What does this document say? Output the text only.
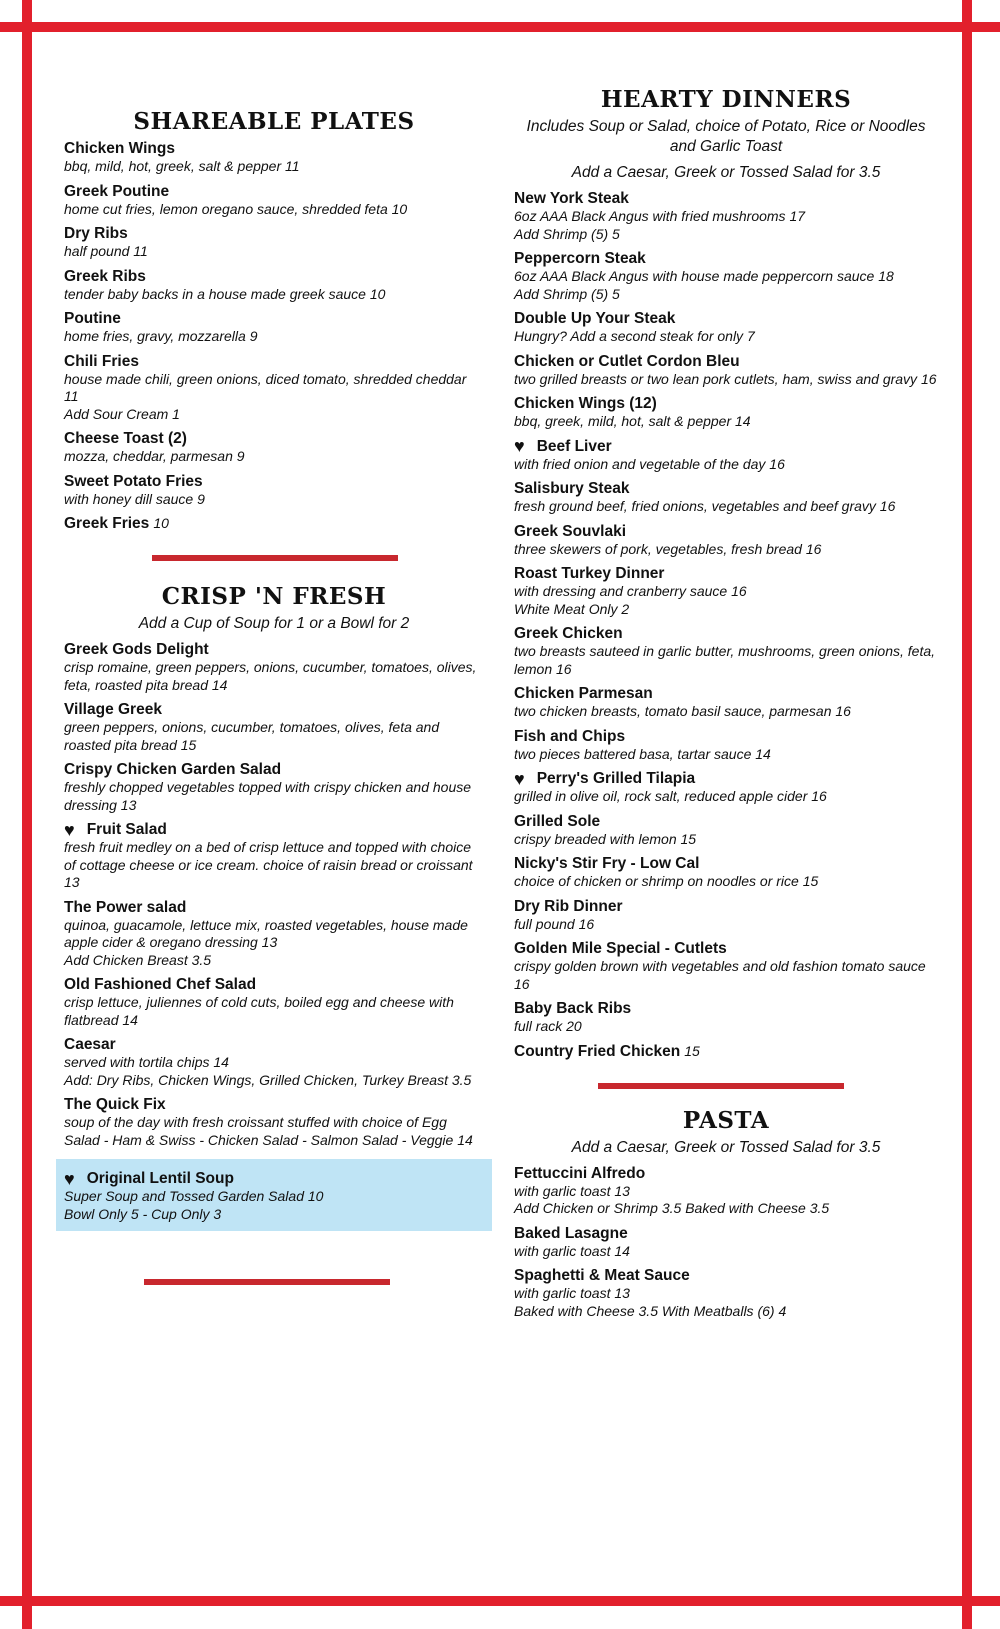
SHAREABLE PLATES
Chicken Wings
bbq, mild, hot, greek, salt & pepper 11
Greek Poutine
home cut fries, lemon oregano sauce, shredded feta 10
Dry Ribs
half pound 11
Greek Ribs
tender baby backs in a house made greek sauce 10
Poutine
home fries, gravy, mozzarella 9
Chili Fries
house made chili, green onions, diced tomato, shredded cheddar 11
Add Sour Cream 1
Cheese Toast (2)
mozza, cheddar, parmesan 9
Sweet Potato Fries
with honey dill sauce 9
Greek Fries 10
CRISP 'N FRESH
Add a Cup of Soup for 1 or a Bowl for 2
Greek Gods Delight
crisp romaine, green peppers, onions, cucumber, tomatoes, olives, feta, roasted pita bread 14
Village Greek
green peppers, onions, cucumber, tomatoes, olives, feta and roasted pita bread 15
Crispy Chicken Garden Salad
freshly chopped vegetables topped with crispy chicken and house dressing 13
♥ Fruit Salad
fresh fruit medley on a bed of crisp lettuce and topped with choice of cottage cheese or ice cream. choice of raisin bread or croissant 13
The Power salad
quinoa, guacamole, lettuce mix, roasted vegetables, house made apple cider & oregano dressing 13
Add Chicken Breast 3.5
Old Fashioned Chef Salad
crisp lettuce, juliennes of cold cuts, boiled egg and cheese with flatbread 14
Caesar
served with tortila chips 14
Add: Dry Ribs, Chicken Wings, Grilled Chicken, Turkey Breast 3.5
The Quick Fix
soup of the day with fresh croissant stuffed with choice of Egg Salad - Ham & Swiss - Chicken Salad - Salmon Salad - Veggie 14
♥ Original Lentil Soup
Super Soup and Tossed Garden Salad 10
Bowl Only 5 - Cup Only 3
HEARTY DINNERS
Includes Soup or Salad, choice of Potato, Rice or Noodles and Garlic Toast
Add a Caesar, Greek or Tossed Salad for 3.5
New York Steak
6oz AAA Black Angus with fried mushrooms 17
Add Shrimp (5) 5
Peppercorn Steak
6oz AAA Black Angus with house made peppercorn sauce 18
Add Shrimp (5) 5
Double Up Your Steak
Hungry? Add a second steak for only 7
Chicken or Cutlet Cordon Bleu
two grilled breasts or two lean pork cutlets, ham, swiss and gravy 16
Chicken Wings (12)
bbq, greek, mild, hot, salt & pepper 14
♥ Beef Liver
with fried onion and vegetable of the day 16
Salisbury Steak
fresh ground beef, fried onions, vegetables and beef gravy 16
Greek Souvlaki
three skewers of pork, vegetables, fresh bread 16
Roast Turkey Dinner
with dressing and cranberry sauce 16
White Meat Only 2
Greek Chicken
two breasts sauteed in garlic butter, mushrooms, green onions, feta, lemon 16
Chicken Parmesan
two chicken breasts, tomato basil sauce, parmesan 16
Fish and Chips
two pieces battered basa, tartar sauce 14
♥ Perry's Grilled Tilapia
grilled in olive oil, rock salt, reduced apple cider 16
Grilled Sole
crispy breaded with lemon 15
Nicky's Stir Fry - Low Cal
choice of chicken or shrimp on noodles or rice 15
Dry Rib Dinner
full pound 16
Golden Mile Special - Cutlets
crispy golden brown with vegetables and old fashion tomato sauce 16
Baby Back Ribs
full rack 20
Country Fried Chicken 15
PASTA
Add a Caesar, Greek or Tossed Salad for 3.5
Fettuccini Alfredo
with garlic toast 13
Add Chicken or Shrimp 3.5 Baked with Cheese 3.5
Baked Lasagne
with garlic toast 14
Spaghetti & Meat Sauce
with garlic toast 13
Baked with Cheese 3.5 With Meatballs (6) 4
